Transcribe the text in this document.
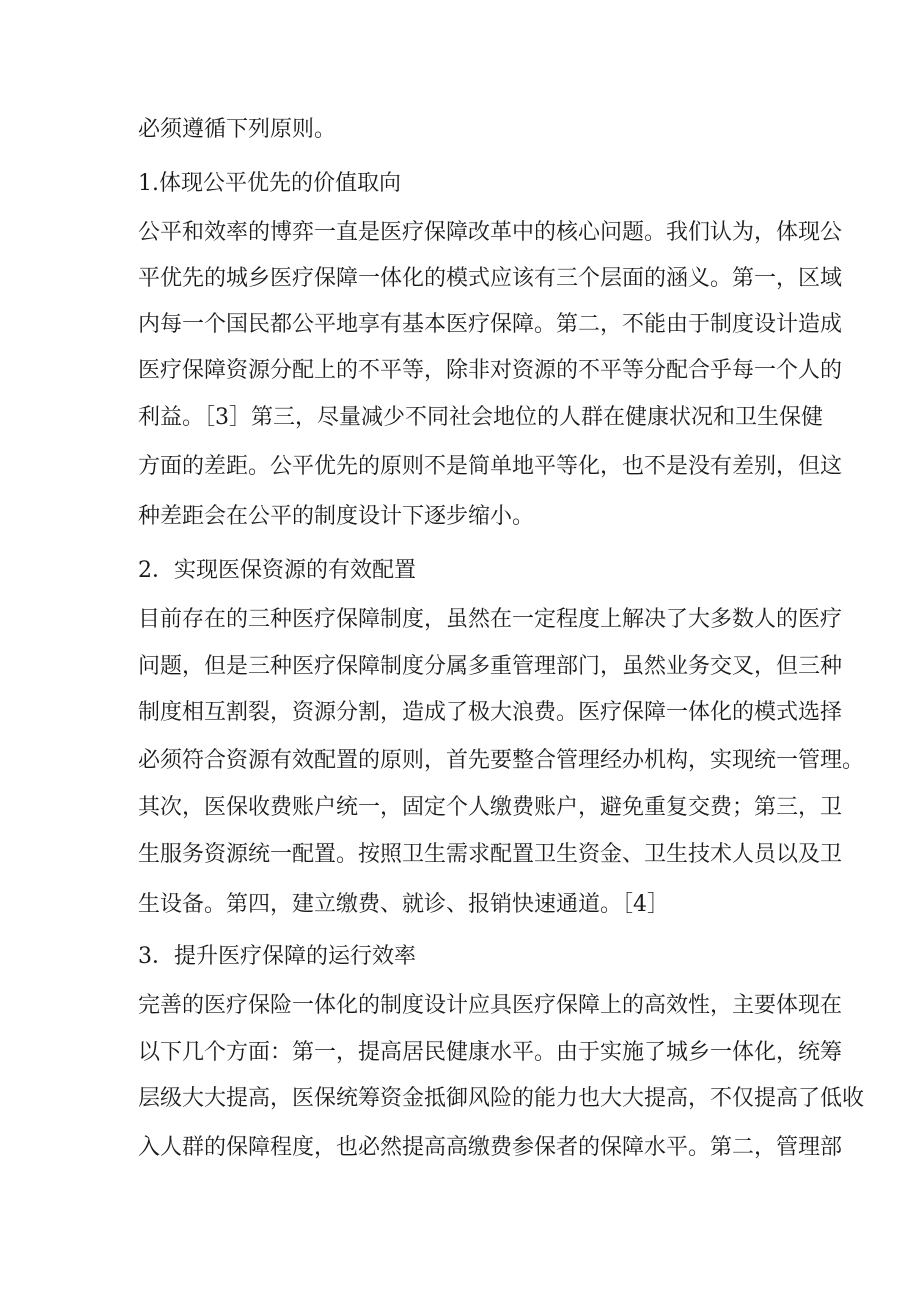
必须遵循下列原则。
1.体现公平优先的价值取向
公平和效率的博弈一直是医疗保障改革中的核心问题。我们认为，体现公
平优先的城乡医疗保障一体化的模式应该有三个层面的涵义。第一，区域
内每一个国民都公平地享有基本医疗保障。第二，不能由于制度设计造成
医疗保障资源分配上的不平等，除非对资源的不平等分配合乎每一个人的
利益。［3］第三，尽量减少不同社会地位的人群在健康状况和卫生保健
方面的差距。公平优先的原则不是简单地平等化，也不是没有差别，但这
种差距会在公平的制度设计下逐步缩小。
2．实现医保资源的有效配置
目前存在的三种医疗保障制度，虽然在一定程度上解决了大多数人的医疗
问题，但是三种医疗保障制度分属多重管理部门，虽然业务交叉，但三种
制度相互割裂，资源分割，造成了极大浪费。医疗保障一体化的模式选择
必须符合资源有效配置的原则，首先要整合管理经办机构，实现统一管理。
其次，医保收费账户统一，固定个人缴费账户，避免重复交费；第三，卫
生服务资源统一配置。按照卫生需求配置卫生资金、卫生技术人员以及卫
生设备。第四，建立缴费、就诊、报销快速通道。［4］
3．提升医疗保障的运行效率
完善的医疗保险一体化的制度设计应具医疗保障上的高效性，主要体现在
以下几个方面：第一，提高居民健康水平。由于实施了城乡一体化，统筹
层级大大提高，医保统筹资金抵御风险的能力也大大提高，不仅提高了低收
入人群的保障程度，也必然提高高缴费参保者的保障水平。第二，管理部
